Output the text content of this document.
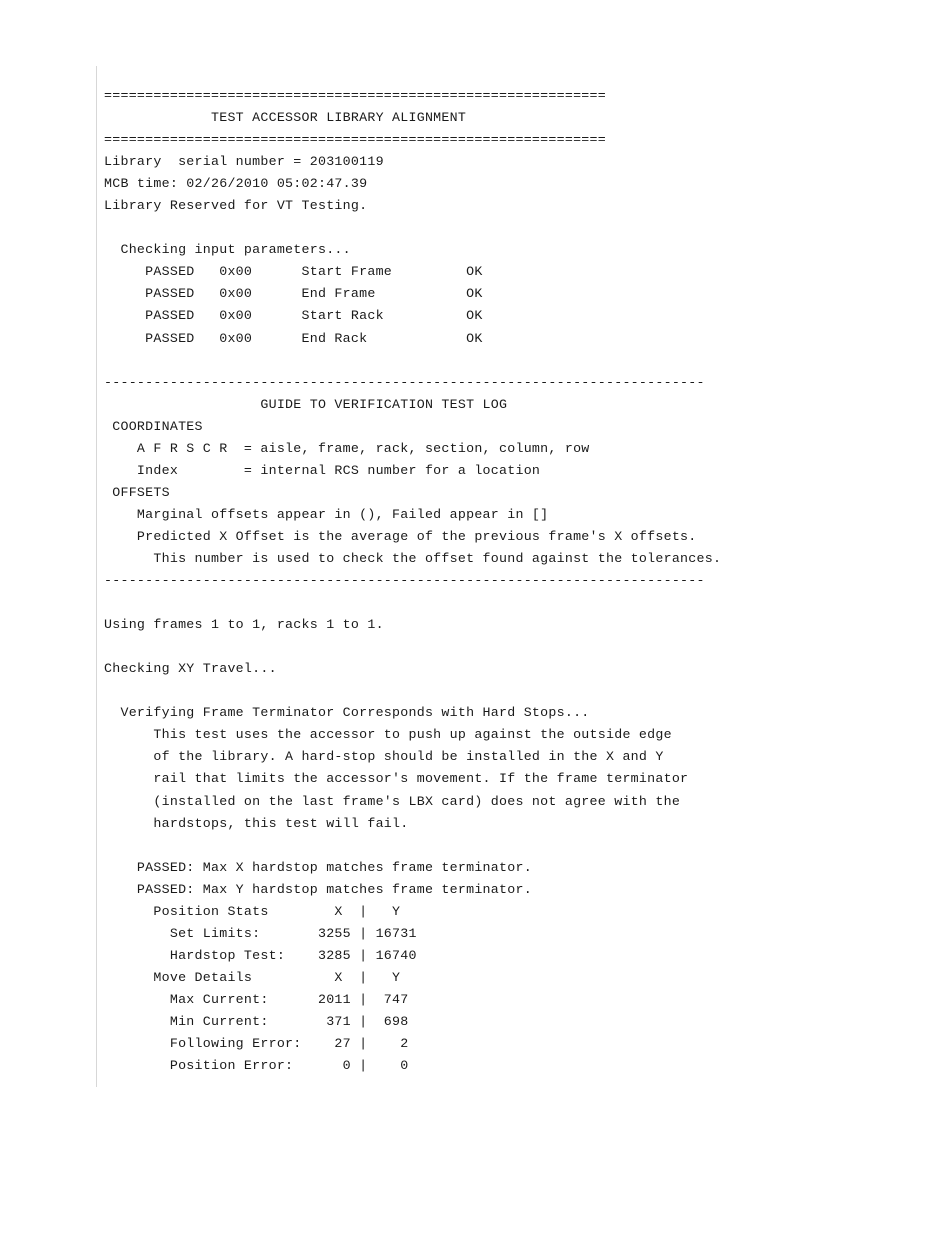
=============================================================
TEST ACCESSOR LIBRARY ALIGNMENT
=============================================================
Library  serial number = 203100119
MCB time: 02/26/2010 05:02:47.39
Library Reserved for VT Testing.
Checking input parameters...
PASSED   0x00      Start Frame         OK
PASSED   0x00      End Frame           OK
PASSED   0x00      Start Rack          OK
PASSED   0x00      End Rack            OK
-------------------------------------------------------------------------
GUIDE TO VERIFICATION TEST LOG
COORDINATES
A F R S C R  = aisle, frame, rack, section, column, row
Index        = internal RCS number for a location
OFFSETS
Marginal offsets appear in (), Failed appear in []
Predicted X Offset is the average of the previous frame's X offsets.
This number is used to check the offset found against the tolerances.
-------------------------------------------------------------------------
Using frames 1 to 1, racks 1 to 1.
Checking XY Travel...
Verifying Frame Terminator Corresponds with Hard Stops...
This test uses the accessor to push up against the outside edge
of the library. A hard-stop should be installed in the X and Y
rail that limits the accessor's movement. If the frame terminator
(installed on the last frame's LBX card) does not agree with the
hardstops, this test will fail.
PASSED: Max X hardstop matches frame terminator.
PASSED: Max Y hardstop matches frame terminator.
Position Stats        X  |   Y
Set Limits:       3255 | 16731
Hardstop Test:    3285 | 16740
Move Details          X  |   Y
Max Current:      2011 |  747
Min Current:       371 |  698
Following Error:    27 |    2
Position Error:      0 |    0
